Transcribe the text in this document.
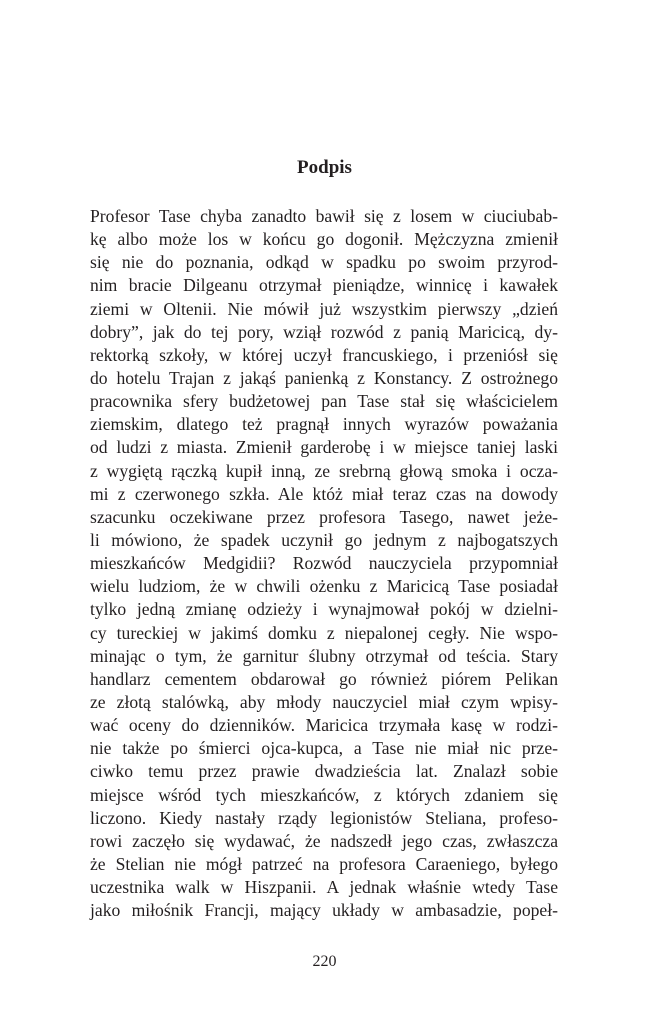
Podpis
Profesor Tase chyba zanadto bawił się z losem w ciuciubab-
kę albo może los w końcu go dogonił. Mężczyzna zmienił
się nie do poznania, odkąd w spadku po swoim przyrod-
nim bracie Dilgeanu otrzymał pieniądze, winnicę i kawałek
ziemi w Oltenii. Nie mówił już wszystkim pierwszy „dzień
dobry”, jak do tej pory, wziął rozwód z panią Maricicą, dy-
rektorką szkoły, w której uczył francuskiego, i przeniósł się
do hotelu Trajan z jakąś panienką z Konstancy. Z ostrożnego
pracownika sfery budżetowej pan Tase stał się właścicielem
ziemskim, dlatego też pragnął innych wyrazów poważania
od ludzi z miasta. Zmienił garderobę i w miejsce taniej laski
z wygiętą rączką kupił inną, ze srebrną głową smoka i ocza-
mi z czerwonego szkła. Ale któż miał teraz czas na dowody
szacunku oczekiwane przez profesora Tasego, nawet jeże-
li mówiono, że spadek uczynił go jednym z najbogatszych
mieszkańców Medgidii? Rozwód nauczyciela przypomniał
wielu ludziom, że w chwili ożenku z Maricicą Tase posiadał
tylko jedną zmianę odzieży i wynajmował pokój w dzielni-
cy tureckiej w jakimś domku z niepalonej cegły. Nie wspo-
minając o tym, że garnitur ślubny otrzymał od teścia. Stary
handlarz cementem obdarował go również piórem Pelikan
ze złotą stalówką, aby młody nauczyciel miał czym wpisy-
wać oceny do dzienników. Maricica trzymała kasę w rodzi-
nie także po śmierci ojca-kupca, a Tase nie miał nic prze-
ciwko temu przez prawie dwadzieścia lat. Znalazł sobie
miejsce wśród tych mieszkańców, z których zdaniem się
liczono. Kiedy nastały rządy legionistów Steliana, profeso-
rowi zaczęło się wydawać, że nadszedł jego czas, zwłaszcza
że Stelian nie mógł patrzeć na profesora Caraeniego, byłego
uczestnika walk w Hiszpanii. A jednak właśnie wtedy Tase
jako miłośnik Francji, mający układy w ambasadzie, popeł-
220
